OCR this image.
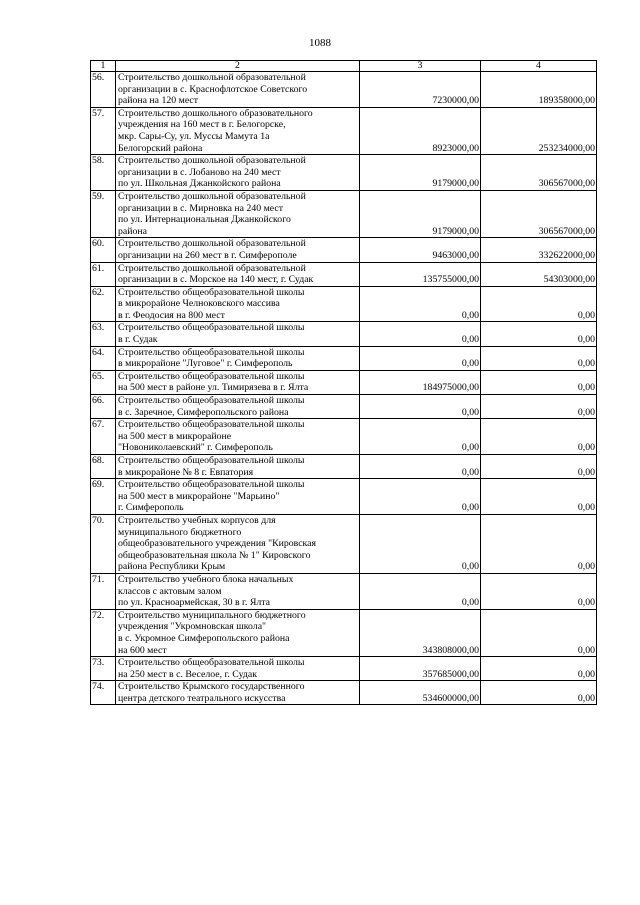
1088
1	2	3	4
56.	Строительство дошкольной образовательной
организации в с. Краснофлотское Советского
района на 120 мест	7230000,00	189358000,00
57.	Строительство дошкольного образовательного
учреждения на 160 мест в г. Белогорске,
мкр. Сары-Су, ул. Муссы Мамута 1а
Белогорский района	8923000,00	253234000,00
58.	Строительство дошкольной образовательной
организации в с. Лобаново на 240 мест
по ул. Школьная Джанкойского района	9179000,00	306567000,00
59.	Строительство дошкольной образовательной
организации в с. Мирновка на 240 мест
по ул. Интернациональная Джанкойского
района	9179000,00	306567000,00
60.	Строительство дошкольной образовательной
организации на 260 мест в г. Симферополе	9463000,00	332622000,00
61.	Строительство дошкольной образовательной
организации в с. Морское на 140 мест, г. Судак	135755000,00	54303000,00
62.	Строительство общеобразовательной школы
в микрорайоне Челноковского массива
в г. Феодосия на 800 мест	0,00	0,00
63.	Строительство общеобразовательной школы
в г. Судак	0,00	0,00
64.	Строительство общеобразовательной школы
в микрорайоне "Луговое" г. Симферополь	0,00	0,00
65.	Строительство общеобразовательной школы
на 500 мест в районе ул. Тимирязева в г. Ялта	184975000,00	0,00
66.	Строительство общеобразовательной школы
в с. Заречное, Симферопольского района	0,00	0,00
67.	Строительство общеобразовательной школы
на 500 мест в микрорайоне
"Новониколаевский" г. Симферополь	0,00	0,00
68.	Строительство общеобразовательной школы
в микрорайоне № 8 г. Евпатория	0,00	0,00
69.	Строительство общеобразовательной школы
на 500 мест в микрорайоне "Марьино"
г. Симферополь	0,00	0,00
70.	Строительство учебных корпусов для
муниципального бюджетного
общеобразовательного учреждения "Кировская
общеобразовательная школа № 1" Кировского
района Республики Крым	0,00	0,00
71.	Строительство учебного блока начальных
классов с актовым залом
по ул. Красноармейская, 30 в г. Ялта	0,00	0,00
72.	Строительство муниципального бюджетного
учреждения "Укромновская школа"
в с. Укромное Симферопольского района
на 600 мест	343808000,00	0,00
73.	Строительство общеобразовательной школы
на 250 мест в с. Веселое, г. Судак	357685000,00	0,00
74.	Строительство Крымского государственного
центра детского театрального искусства	534600000,00	0,00
